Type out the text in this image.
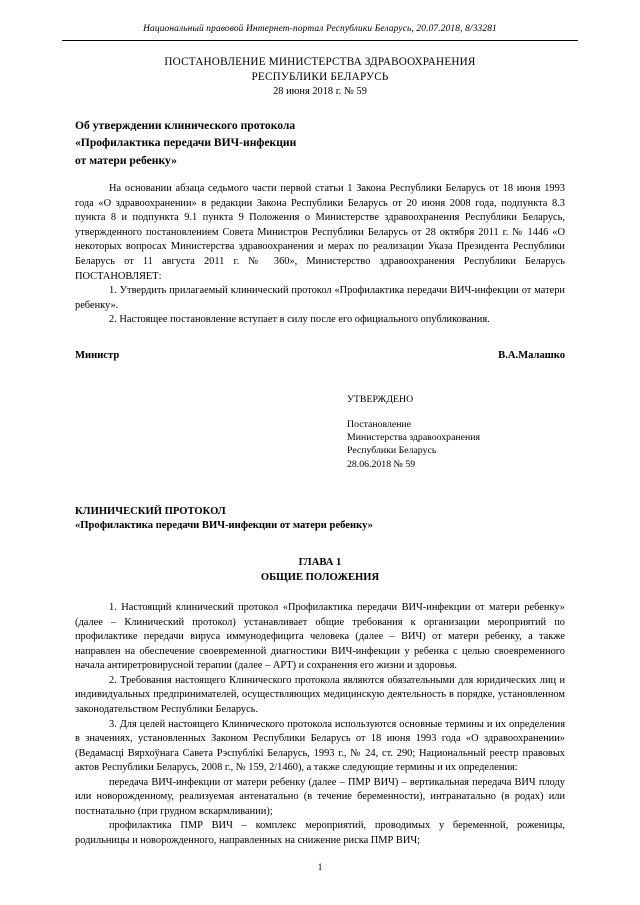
Национальный правовой Интернет-портал Республики Беларусь, 20.07.2018, 8/33281
ПОСТАНОВЛЕНИЕ МИНИСТЕРСТВА ЗДРАВООХРАНЕНИЯ
РЕСПУБЛИКИ БЕЛАРУСЬ
28 июня 2018 г. № 59
Об утверждении клинического протокола
«Профилактика передачи ВИЧ-инфекции
от матери ребенку»

На основании абзаца седьмого части первой статьи 1 Закона Республики Беларусь от 18 июня 1993 года «О здравоохранении» в редакции Закона Республики Беларусь от 20 июня 2008 года, подпункта 8.3 пункта 8 и подпункта 9.1 пункта 9 Положения о Министерстве здравоохранения Республики Беларусь, утвержденного постановлением Совета Министров Республики Беларусь от 28 октября 2011 г. № 1446 «О некоторых вопросах Министерства здравоохранения и мерах по реализации Указа Президента Республики Беларусь от 11 августа 2011 г. № 360», Министерство здравоохранения Республики Беларусь ПОСТАНОВЛЯЕТ:

1. Утвердить прилагаемый клинический протокол «Профилактика передачи ВИЧ-инфекции от матери ребенку».

2. Настоящее постановление вступает в силу после его официального опубликования.

Министр	В.А.Малашко
УТВЕРЖДЕНО
Постановление
Министерства здравоохранения
Республики Беларусь
28.06.2018 № 59
КЛИНИЧЕСКИЙ ПРОТОКОЛ
«Профилактика передачи ВИЧ-инфекции от матери ребенку»
ГЛАВА 1
ОБЩИЕ ПОЛОЖЕНИЯ

1. Настоящий клинический протокол «Профилактика передачи ВИЧ-инфекции от матери ребенку» (далее – Клинический протокол) устанавливает общие требования к организации мероприятий по профилактике передачи вируса иммунодефицита человека (далее – ВИЧ) от матери ребенку, а также направлен на обеспечение своевременной диагностики ВИЧ-инфекции у ребенка с целью своевременного начала антиретровирусной терапии (далее – АРТ) и сохранения его жизни и здоровья.

2. Требования настоящего Клинического протокола являются обязательными для юридических лиц и индивидуальных предпринимателей, осуществляющих медицинскую деятельность в порядке, установленном законодательством Республики Беларусь.

3. Для целей настоящего Клинического протокола используются основные термины и их определения в значениях, установленных Законом Республики Беларусь от 18 июня 1993 года «О здравоохранении» (Ведамасці Вярхоўнага Савета Рэспублікі Беларусь, 1993 г., № 24, ст. 290; Национальный реестр правовых актов Республики Беларусь, 2008 г., № 159, 2/1460), а также следующие термины и их определения:

передача ВИЧ-инфекции от матери ребенку (далее – ПМР ВИЧ) – вертикальная передача ВИЧ плоду или новорожденному, реализуемая антенатально (в течение беременности), интранатально (в родах) или постнатально (при грудном вскармливании);

профилактика ПМР ВИЧ – комплекс мероприятий, проводимых у беременной, роженицы, родильницы и новорожденного, направленных на снижение риска ПМР ВИЧ;

1
